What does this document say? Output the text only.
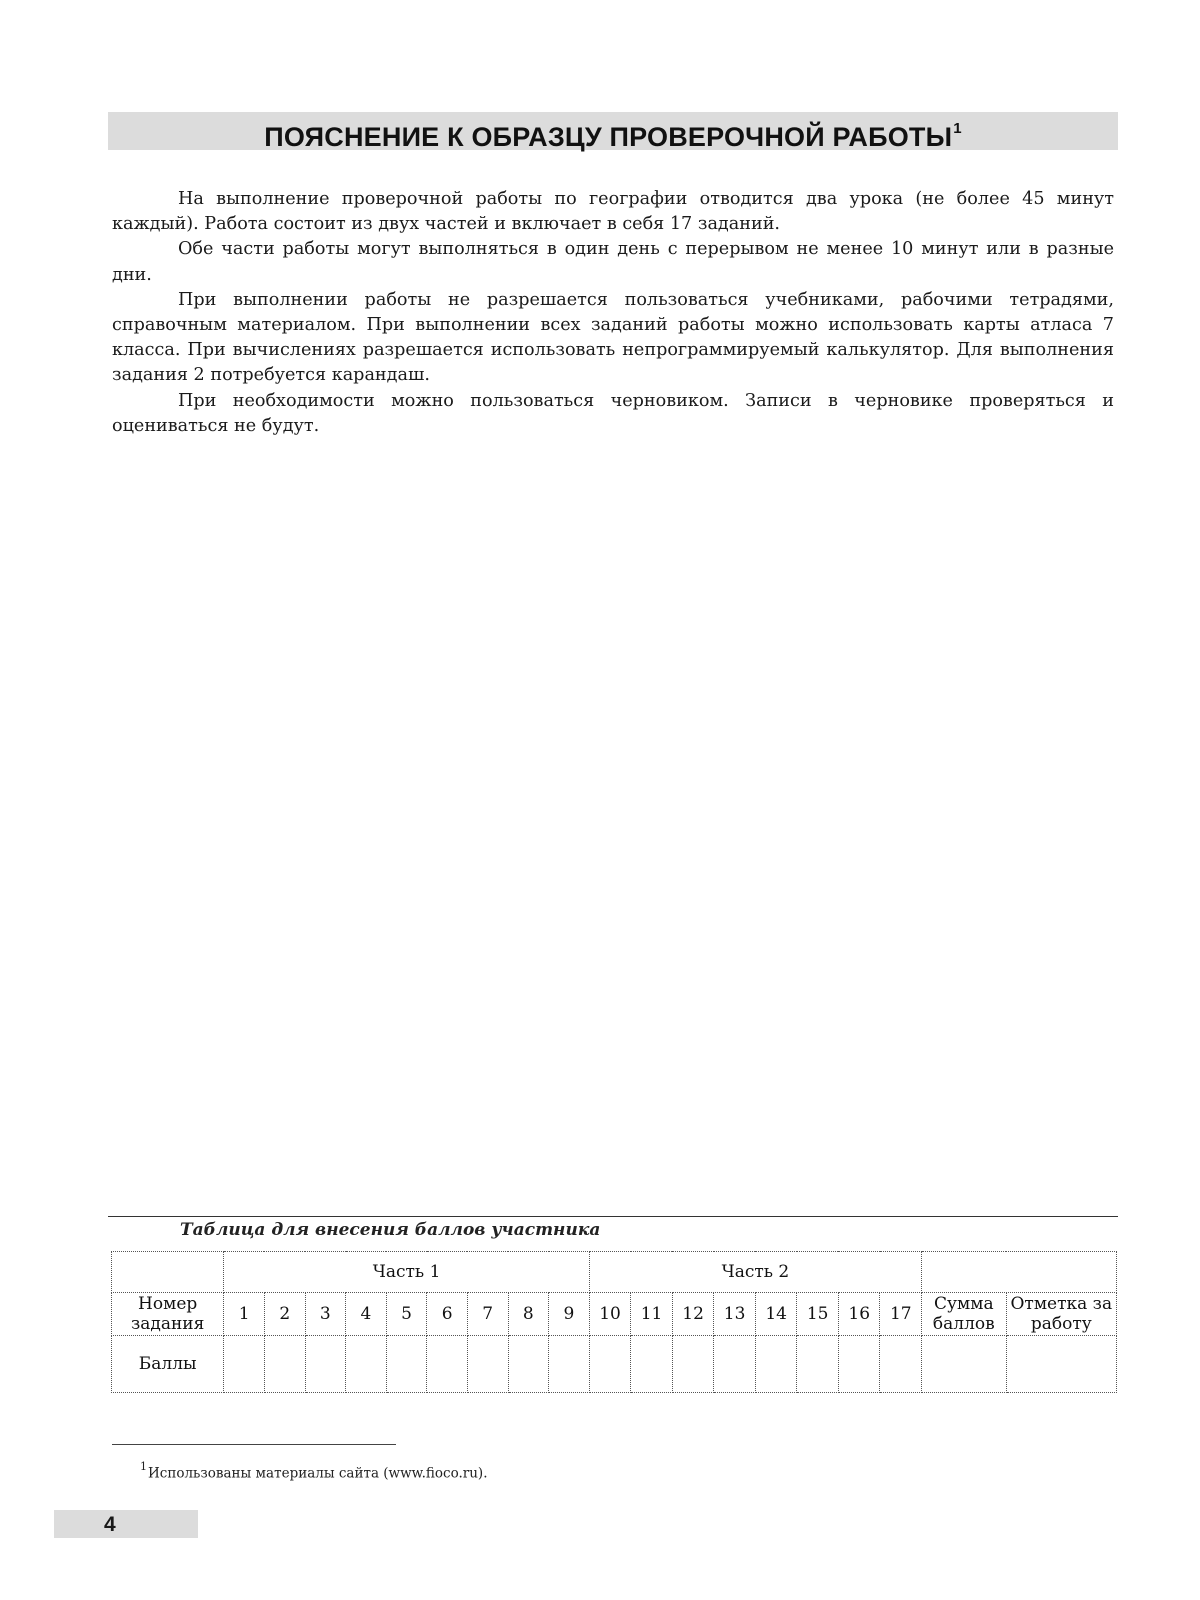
ПОЯСНЕНИЕ К ОБРАЗЦУ ПРОВЕРОЧНОЙ РАБОТЫ$^1$

На выполнение проверочной работы по географии отводится два урока (не более 45 минут каждый). Работа состоит из двух частей и включает в себя 17 заданий.

Обе части работы могут выполняться в один день с перерывом не менее 10 минут или в разные дни.

При выполнении работы не разрешается пользоваться учебниками, рабочими тетрадями, справочным материалом. При выполнении всех заданий работы можно использовать карты атласа 7 класса. При вычислениях разрешается использовать непрограммируемый калькулятор. Для выполнения задания 2 потребуется карандаш.

При необходимости можно пользоваться черновиком. Записи в черновике проверяться и оцениваться не будут.

Таблица для внесения баллов участника

	Часть 1									Часть 2									
Номер задания	1	2	3	4	5	6	7	8	9	10	11	12	13	14	15	16	17	Сумма баллов	Отметка за работу
Баллы																			

$^1$Использованы материалы сайта (www.fioco.ru).

4
